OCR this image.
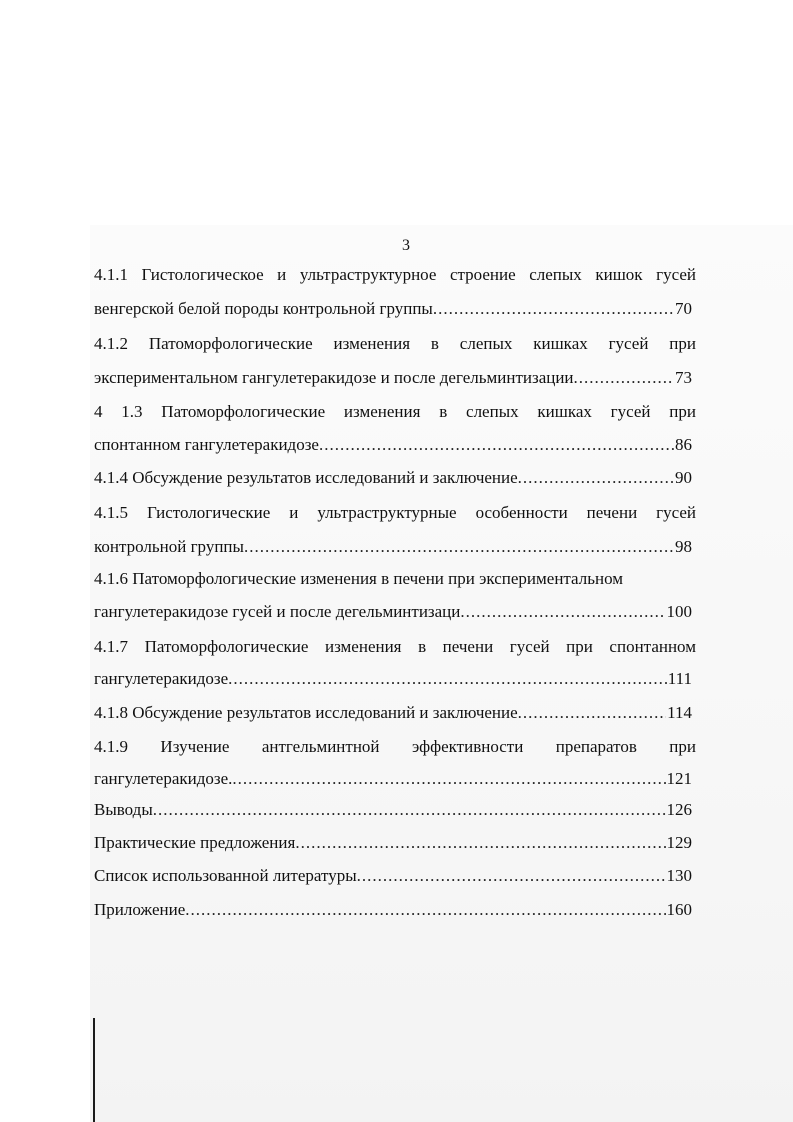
3
4.1.1 Гистологическое и ультраструктурное строение слепых кишок гусей
венгерской белой породы контрольной группы .....	70
4.1.2 Патоморфологические изменения в слепых кишках гусей при
экспериментальном гангулетеракидозе и после дегельминтизации .....	73
4 1.3 Патоморфологические изменения в слепых кишках гусей при
спонтанном гангулетеракидозе .....	86
4.1.4 Обсуждение результатов исследований и заключение .....	90
4.1.5 Гистологические и ультраструктурные особенности печени гусей
контрольной группы .....	98
4.1.6 Патоморфологические изменения в печени при экспериментальном
гангулетеракидозе гусей и после дегельминтизаци .....	100
4.1.7 Патоморфологические изменения в печени гусей при спонтанном
гангулетеракидозе .....	111
4.1.8 Обсуждение результатов исследований и заключение .....	114
4.1.9 Изучение антгельминтной эффективности препаратов при
гангулетеракидозе. .....	121
Выводы .....	126
Практические предложения .....	129
Список использованной литературы .....	130
Приложение .....	160
